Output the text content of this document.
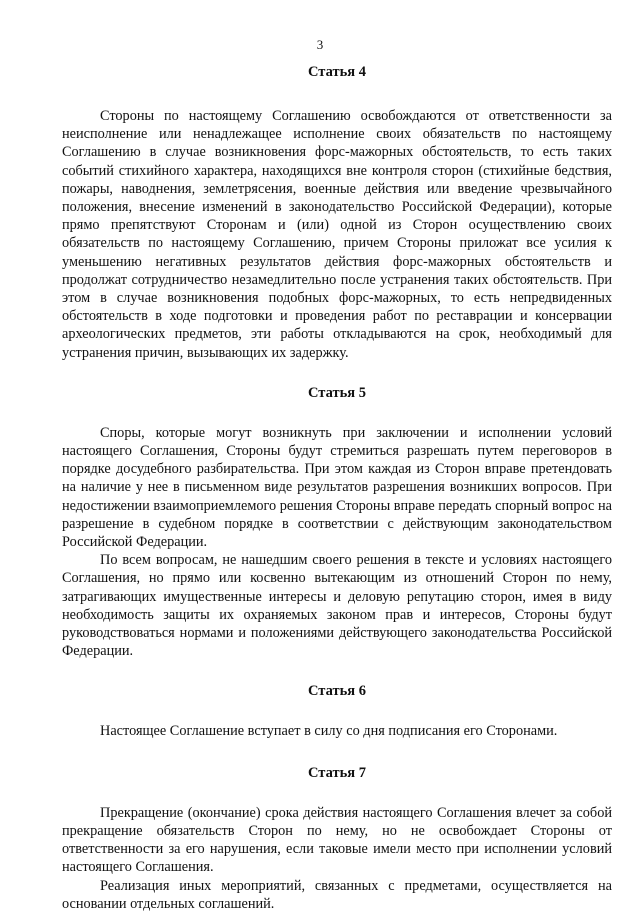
3
Статья 4

Стороны по настоящему Соглашению освобождаются от ответственности за неисполнение или ненадлежащее исполнение своих обязательств по настоящему Соглашению в случае возникновения форс-мажорных обстоятельств, то есть таких событий стихийного характера, находящихся вне контроля сторон (стихийные бедствия, пожары, наводнения, землетрясения, военные действия или введение чрезвычайного положения, внесение изменений в законодательство Российской Федерации), которые прямо препятствуют Сторонам и (или) одной из Сторон осуществлению своих обязательств по настоящему Соглашению, причем Стороны приложат все усилия к уменьшению негативных результатов действия форс-мажорных обстоятельств и продолжат сотрудничество незамедлительно после устранения таких обстоятельств. При этом в случае возникновения подобных форс-мажорных, то есть непредвиденных обстоятельств в ходе подготовки и проведения работ по реставрации и консервации археологических предметов, эти работы откладываются на срок, необходимый для устранения причин, вызывающих их задержку.

Статья 5

Споры, которые могут возникнуть при заключении и исполнении условий настоящего Соглашения, Стороны будут стремиться разрешать путем переговоров в порядке досудебного разбирательства. При этом каждая из Сторон вправе претендовать на наличие у нее в письменном виде результатов разрешения возникших вопросов. При недостижении взаимоприемлемого решения Стороны вправе передать спорный вопрос на разрешение в судебном порядке в соответствии с действующим законодательством Российской Федерации.

По всем вопросам, не нашедшим своего решения в тексте и условиях настоящего Соглашения, но прямо или косвенно вытекающим из отношений Сторон по нему, затрагивающих имущественные интересы и деловую репутацию сторон, имея в виду необходимость защиты их охраняемых законом прав и интересов, Стороны будут руководствоваться нормами и положениями действующего законодательства Российской Федерации.

Статья 6

Настоящее Соглашение вступает в силу со дня подписания его Сторонами.

Статья 7

Прекращение (окончание) срока действия настоящего Соглашения влечет за собой прекращение обязательств Сторон по нему, но не освобождает Стороны от ответственности за его нарушения, если таковые имели место при исполнении условий настоящего Соглашения.

Реализация иных мероприятий, связанных с предметами, осуществляется на основании отдельных соглашений.
